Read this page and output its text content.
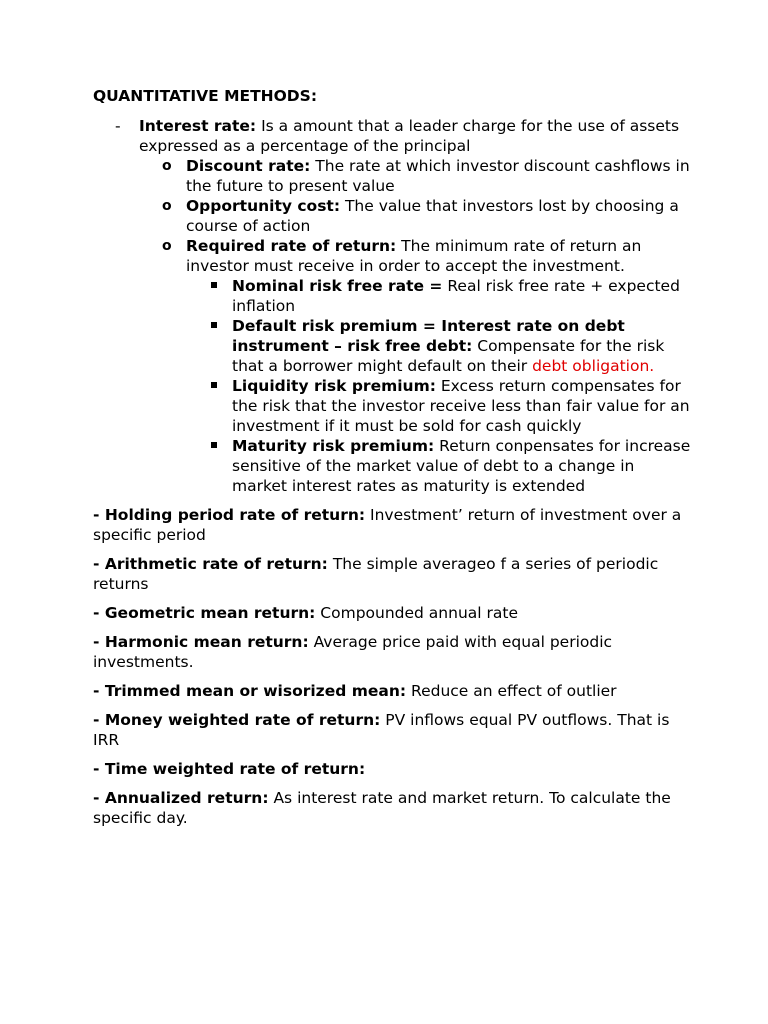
QUANTITATIVE METHODS:
- Interest rate: Is a amount that a leader charge for the use of assets expressed as a percentage of the principal
o Discount rate: The rate at which investor discount cashflows in the future to present value
o Opportunity cost: The value that investors lost by choosing a course of action
o Required rate of return: The minimum rate of return an investor must receive in order to accept the investment.
Nominal risk free rate = Real risk free rate + expected inflation
Default risk premium = Interest rate on debt instrument – risk free debt: Compensate for the risk that a borrower might default on their debt obligation.
Liquidity risk premium: Excess return compensates for the risk that the investor receive less than fair value for an investment if it must be sold for cash quickly
Maturity risk premium: Return conpensates for increase sensitive of the market value of debt to a change in market interest rates as maturity is extended
- Holding period rate of return: Investment’ return of investment over a specific period
- Arithmetic rate of return: The simple averageo f a series of periodic returns
- Geometric mean return: Compounded annual rate
- Harmonic mean return: Average price paid with equal periodic investments.
- Trimmed mean or wisorized mean: Reduce an effect of outlier
- Money weighted rate of return: PV inflows equal PV outflows. That is IRR
- Time weighted rate of return:
- Annualized return: As interest rate and market return. To calculate the specific day.
